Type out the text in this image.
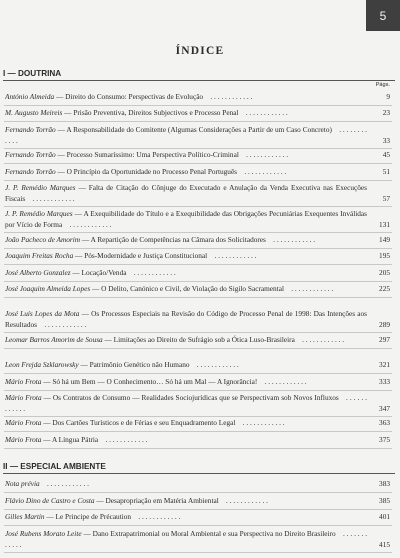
5
ÍNDICE
I — DOUTRINA
Págs.
II — ESPECIAL AMBIENTE
António Almeida — Direito do Consumo: Perspectivas de Evolução . . . . . . . . . . . .	9
M. Augusto Meireis — Prisão Preventiva, Direitos Subjectivos e Processo Penal . . . . . . . . . . . .	23
Fernando Torrão — A Responsabilidade do Comitente (Algumas Considerações a Partir de um Caso Concreto) . . . . . . . . . . . .	33
Fernando Torrão — Processo Sumaríssimo: Uma Perspectiva Político-Criminal . . . . . . . . . . . .	45
Fernando Torrão — O Princípio da Oportunidade no Processo Penal Português . . . . . . . . . . . .	51
J. P. Remédio Marques — Falta de Citação do Cônjuge do Executado e Anulação da Venda Executiva nas Execuções Fiscais . . . . . . . . . . . .	57
J. P. Remédio Marques — A Exequibilidade do Título e a Exequibilidade das Obrigações Pecuniárias Exequentes Inválidas por Vício de Forma . . . . . . . . . . . .	131
João Pacheco de Amorim — A Repartição de Competências na Câmara dos Solicitadores . . . . . . . . . . . .	149
Joaquim Freitas Rocha — Pós-Modernidade e Justiça Constitucional . . . . . . . . . . . .	195
José Alberto Gonzalez — Locação/Venda . . . . . . . . . . . .	205
José Joaquim Almeida Lopes — O Delito, Canónico e Civil, de Violação do Sigilo Sacramental . . . . . . . . . . . .	225
José Luís Lopes da Mota — Os Processos Especiais na Revisão do Código de Processo Penal de 1998: Das Intenções aos Resultados . . . . . . . . . . . .	289
Leomar Barros Amorim de Sousa — Limitações ao Direito de Sufrágio sob a Ótica Luso-Brasileira . . . . . . . . . . . .	297
Leon Frejda Szklarowsky — Patrimônio Genético não Humano . . . . . . . . . . . .	321
Mário Frota — Só há um Bem — O Conhecimento… Só há um Mal — A Ignorância! . . . . . . . . . . . .	333
Mário Frota — Os Contratos de Consumo — Realidades Sociojurídicas que se Perspectivam sob Novos Influxos . . . . . . . . . . . .	347
Mário Frota — Dos Cartões Turísticos e de Férias e seu Enquadramento Legal . . . . . . . . . . . .	363
Mário Frota — A Língua Pátria . . . . . . . . . . . .	375
Nota prévia . . . . . . . . . . . .	383
Flávio Dino de Castro e Costa — Desapropriação em Matéria Ambiental . . . . . . . . . . . .	385
Gilles Martin — Le Principe de Précaution . . . . . . . . . . . .	401
José Rubens Morato Leite — Dano Extrapatrimonial ou Moral Ambiental e sua Perspectiva no Direito Brasileiro . . . . . . . . . . . .	415
